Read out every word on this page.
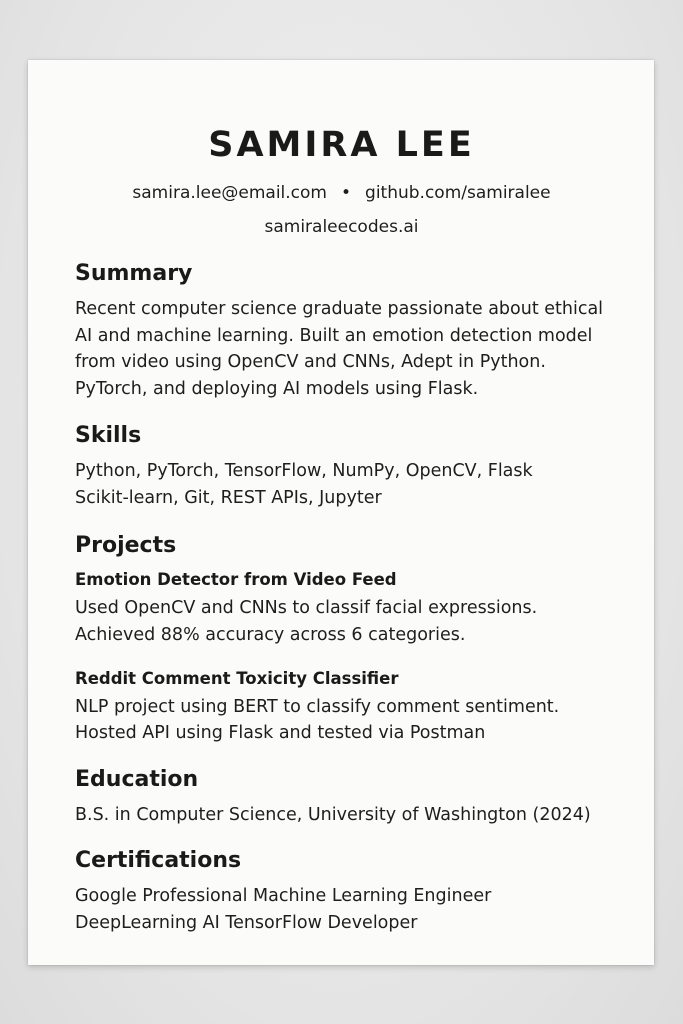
SAMIRA LEE
samira.lee@email.com • github.com/samiralee
samiraleecodes.ai
Summary
Recent computer science graduate passionate about ethical
AI and machine learning. Built an emotion detection model
from video using OpenCV and CNNs, Adept in Python.
PyTorch, and deploying AI models using Flask.
Skills
Python, PyTorch, TensorFlow, NumPy, OpenCV, Flask
Scikit-learn, Git, REST APIs, Jupyter
Projects
Emotion Detector from Video Feed
Used OpenCV and CNNs to classif facial expressions.
Achieved 88% accuracy across 6 categories.
Reddit Comment Toxicity Classifier
NLP project using BERT to classify comment sentiment.
Hosted API using Flask and tested via Postman
Education
B.S. in Computer Science, University of Washington (2024)
Certifications
Google Professional Machine Learning Engineer
DeepLearning AI TensorFlow Developer
